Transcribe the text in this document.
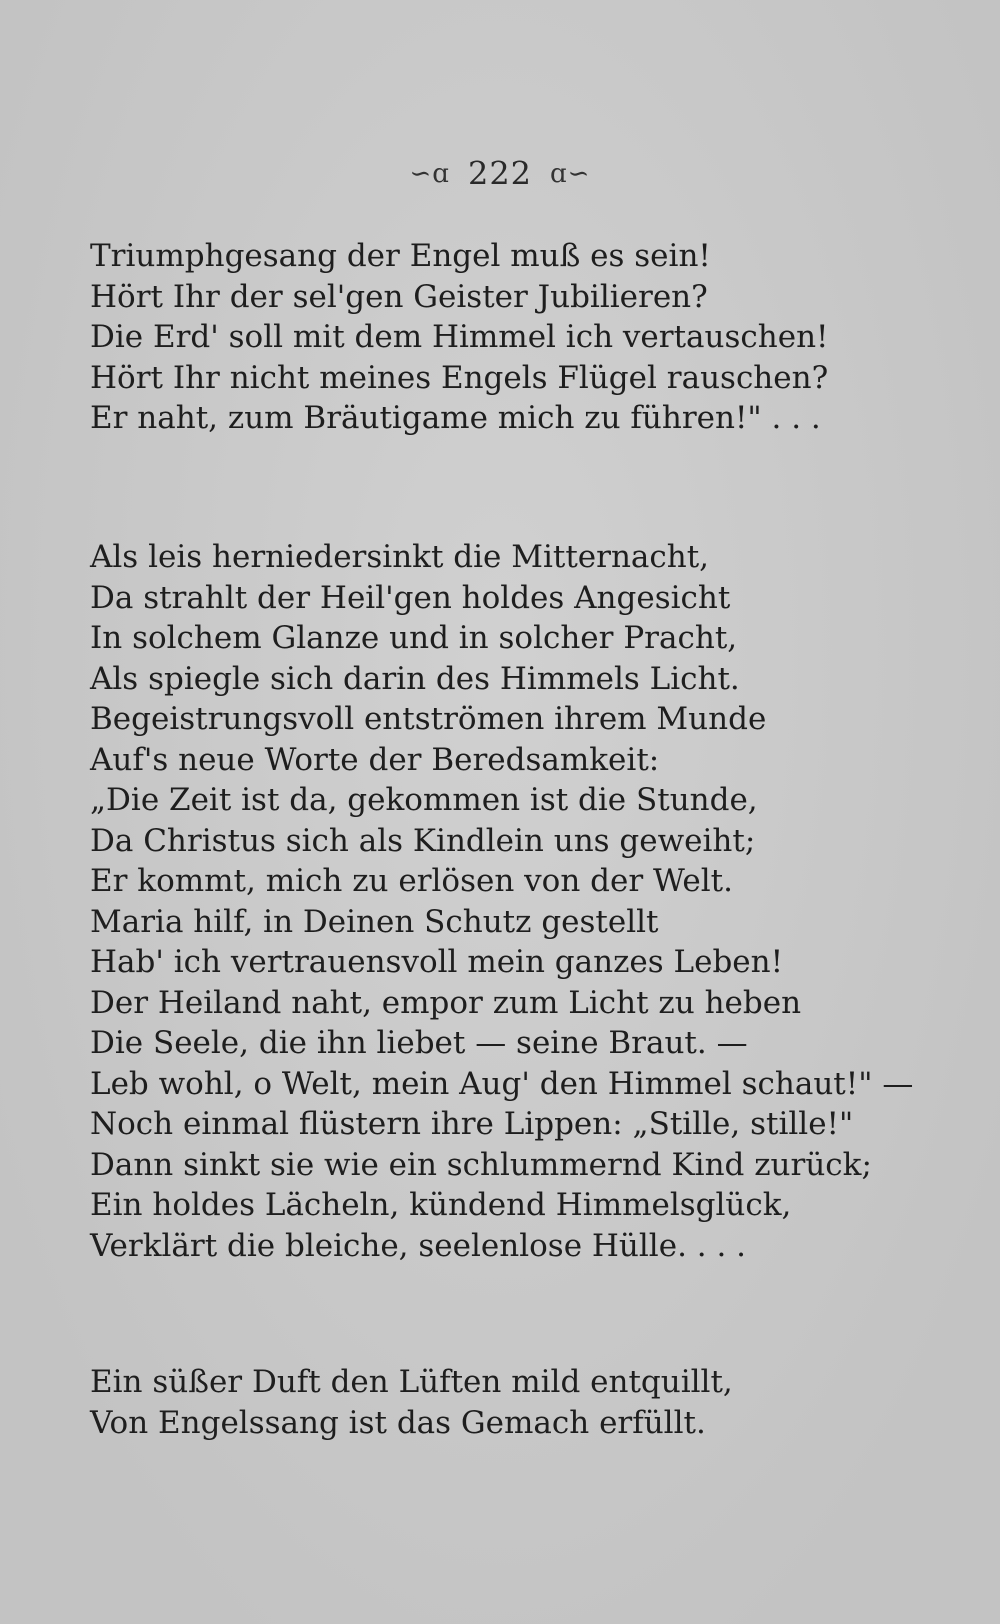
∽ɑ 222 ɑ∽
Triumphgesang der Engel muß es sein!
Hört Ihr der sel'gen Geister Jubilieren?
Die Erd' soll mit dem Himmel ich vertauschen!
Hört Ihr nicht meines Engels Flügel rauschen?
Er naht, zum Bräutigame mich zu führen!" . . .
Als leis herniedersinkt die Mitternacht,
Da strahlt der Heil'gen holdes Angesicht
In solchem Glanze und in solcher Pracht,
Als spiegle sich darin des Himmels Licht.
Begeistrungsvoll entströmen ihrem Munde
Auf's neue Worte der Beredsamkeit:
„Die Zeit ist da, gekommen ist die Stunde,
Da Christus sich als Kindlein uns geweiht;
Er kommt, mich zu erlösen von der Welt.
Maria hilf, in Deinen Schutz gestellt
Hab' ich vertrauensvoll mein ganzes Leben!
Der Heiland naht, empor zum Licht zu heben
Die Seele, die ihn liebet — seine Braut. —
Leb wohl, o Welt, mein Aug' den Himmel schaut!" —
Noch einmal flüstern ihre Lippen: „Stille, stille!"
Dann sinkt sie wie ein schlummernd Kind zurück;
Ein holdes Lächeln, kündend Himmelsglück,
Verklärt die bleiche, seelenlose Hülle. . . .
Ein süßer Duft den Lüften mild entquillt,
Von Engelssang ist das Gemach erfüllt.
